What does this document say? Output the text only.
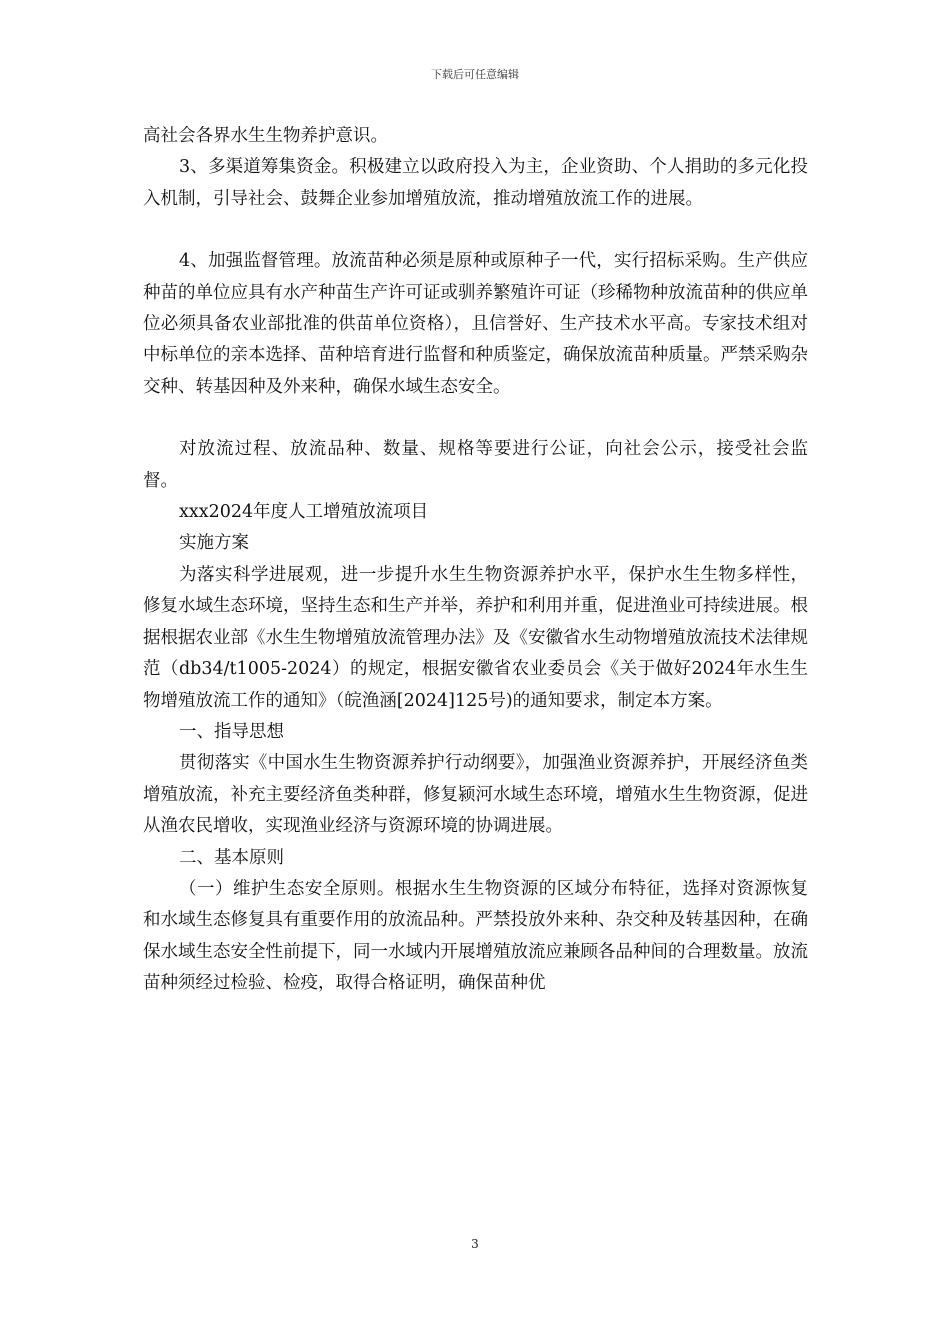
下载后可任意编辑

高社会各界水生生物养护意识。

3、多渠道筹集资金。积极建立以政府投入为主，企业资助、个人捐助的多元化投入机制，引导社会、鼓舞企业参加增殖放流，推动增殖放流工作的进展。

4、加强监督管理。放流苗种必须是原种或原种子一代，实行招标采购。生产供应种苗的单位应具有水产种苗生产许可证或驯养繁殖许可证（珍稀物种放流苗种的供应单位必须具备农业部批准的供苗单位资格），且信誉好、生产技术水平高。专家技术组对中标单位的亲本选择、苗种培育进行监督和种质鉴定，确保放流苗种质量。严禁采购杂交种、转基因种及外来种，确保水域生态安全。

对放流过程、放流品种、数量、规格等要进行公证，向社会公示，接受社会监督。

xxx2024年度人工增殖放流项目

实施方案

为落实科学进展观，进一步提升水生生物资源养护水平，保护水生生物多样性，修复水域生态环境，坚持生态和生产并举，养护和利用并重，促进渔业可持续进展。根据根据农业部《水生生物增殖放流管理办法》及《安徽省水生动物增殖放流技术法律规范（db34/t1005-2024）的规定，根据安徽省农业委员会《关于做好2024年水生生物增殖放流工作的通知》（皖渔涵[2024]125号)的通知要求，制定本方案。

一、指导思想

贯彻落实《中国水生生物资源养护行动纲要》，加强渔业资源养护，开展经济鱼类增殖放流，补充主要经济鱼类种群，修复颍河水域生态环境，增殖水生生物资源，促进从渔农民增收，实现渔业经济与资源环境的协调进展。

二、基本原则

（一）维护生态安全原则。根据水生生物资源的区域分布特征，选择对资源恢复和水域生态修复具有重要作用的放流品种。严禁投放外来种、杂交种及转基因种，在确保水域生态安全性前提下，同一水域内开展增殖放流应兼顾各品种间的合理数量。放流苗种须经过检验、检疫，取得合格证明，确保苗种优

3
